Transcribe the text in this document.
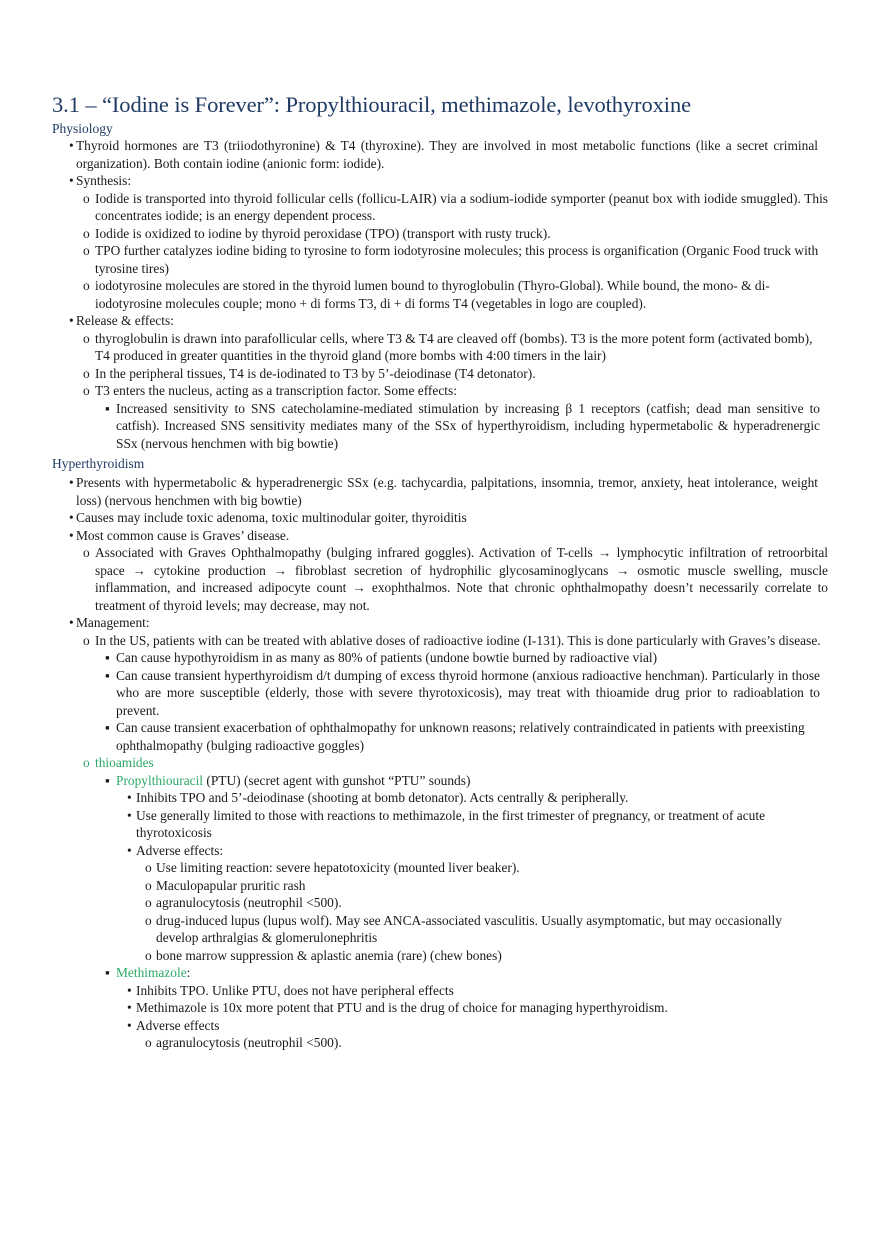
3.1 – “Iodine is Forever”: Propylthiouracil, methimazole, levothyroxine
Physiology
• Thyroid hormones are T3 (triiodothyronine) & T4 (thyroxine). They are involved in most metabolic functions (like a secret criminal organization). Both contain iodine (anionic form: iodide).
• Synthesis:
o Iodide is transported into thyroid follicular cells (follicu-LAIR) via a sodium-iodide symporter (peanut box with iodide smuggled). This concentrates iodide; is an energy dependent process.
o Iodide is oxidized to iodine by thyroid peroxidase (TPO) (transport with rusty truck).
o TPO further catalyzes iodine biding to tyrosine to form iodotyrosine molecules; this process is organification (Organic Food truck with tyrosine tires)
o iodotyrosine molecules are stored in the thyroid lumen bound to thyroglobulin (Thyro-Global). While bound, the mono- & di-iodotyrosine molecules couple; mono + di forms T3, di + di forms T4 (vegetables in logo are coupled).
• Release & effects:
o thyroglobulin is drawn into parafollicular cells, where T3 & T4 are cleaved off (bombs). T3 is the more potent form (activated bomb), T4 produced in greater quantities in the thyroid gland (more bombs with 4:00 timers in the lair)
o In the peripheral tissues, T4 is de-iodinated to T3 by 5’-deiodinase (T4 detonator).
o T3 enters the nucleus, acting as a transcription factor. Some effects:
▪ Increased sensitivity to SNS catecholamine-mediated stimulation by increasing β 1 receptors (catfish; dead man sensitive to catfish). Increased SNS sensitivity mediates many of the SSx of hyperthyroidism, including hypermetabolic & hyperadrenergic SSx (nervous henchmen with big bowtie)
Hyperthyroidism
• Presents with hypermetabolic & hyperadrenergic SSx (e.g. tachycardia, palpitations, insomnia, tremor, anxiety, heat intolerance, weight loss) (nervous henchmen with big bowtie)
• Causes may include toxic adenoma, toxic multinodular goiter, thyroiditis
• Most common cause is Graves’ disease.
o Associated with Graves Ophthalmopathy (bulging infrared goggles). Activation of T-cells → lymphocytic infiltration of retroorbital space → cytokine production → fibroblast secretion of hydrophilic glycosaminoglycans → osmotic muscle swelling, muscle inflammation, and increased adipocyte count → exophthalmos. Note that chronic ophthalmopathy doesn’t necessarily correlate to treatment of thyroid levels; may decrease, may not.
• Management:
o In the US, patients with can be treated with ablative doses of radioactive iodine (I-131). This is done particularly with Graves’s disease.
▪ Can cause hypothyroidism in as many as 80% of patients (undone bowtie burned by radioactive vial)
▪ Can cause transient hyperthyroidism d/t dumping of excess thyroid hormone (anxious radioactive henchman). Particularly in those who are more susceptible (elderly, those with severe thyrotoxicosis), may treat with thioamide drug prior to radioablation to prevent.
▪ Can cause transient exacerbation of ophthalmopathy for unknown reasons; relatively contraindicated in patients with preexisting ophthalmopathy (bulging radioactive goggles)
o thioamides
▪ Propylthiouracil (PTU) (secret agent with gunshot “PTU” sounds)
• Inhibits TPO and 5’-deiodinase (shooting at bomb detonator). Acts centrally & peripherally.
• Use generally limited to those with reactions to methimazole, in the first trimester of pregnancy, or treatment of acute thyrotoxicosis
• Adverse effects:
o Use limiting reaction: severe hepatotoxicity (mounted liver beaker).
o Maculopapular pruritic rash
o agranulocytosis (neutrophil <500).
o drug-induced lupus (lupus wolf). May see ANCA-associated vasculitis. Usually asymptomatic, but may occasionally develop arthralgias & glomerulonephritis
o bone marrow suppression & aplastic anemia (rare) (chew bones)
▪ Methimazole:
• Inhibits TPO. Unlike PTU, does not have peripheral effects
• Methimazole is 10x more potent that PTU and is the drug of choice for managing hyperthyroidism.
• Adverse effects
o agranulocytosis (neutrophil <500).
